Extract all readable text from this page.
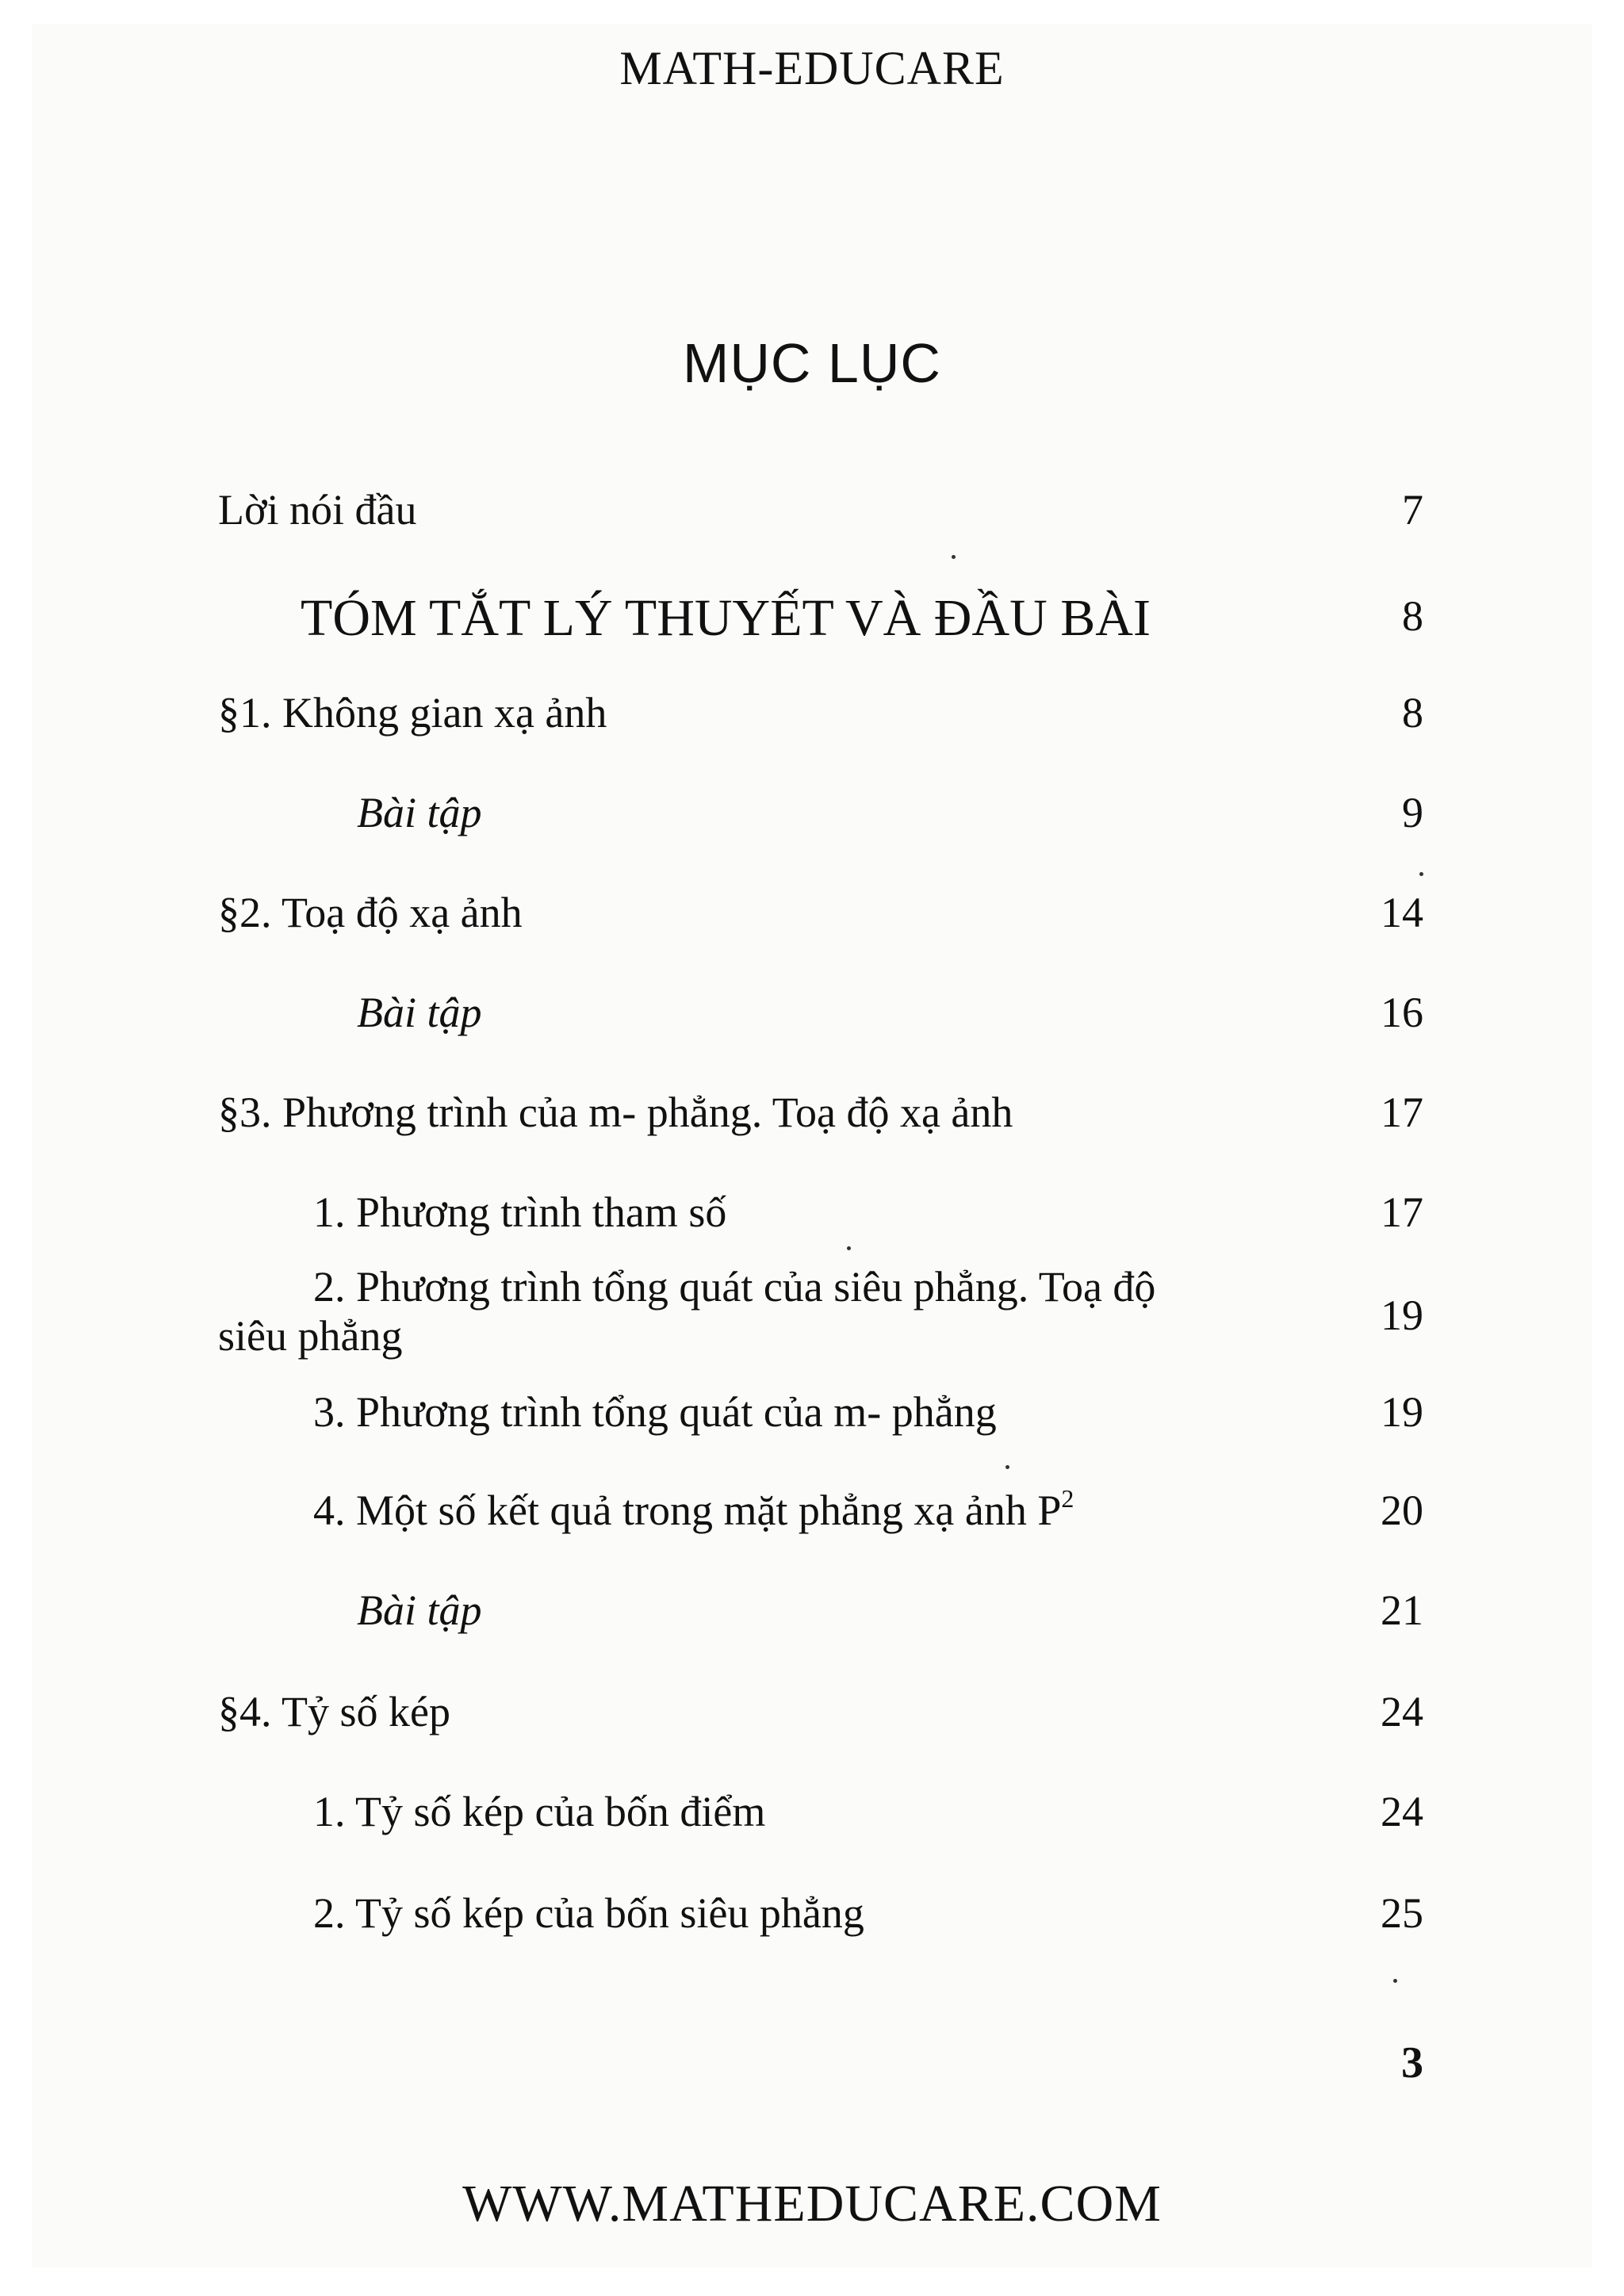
MATH-EDUCARE
MỤC LỤC
Lời nói đầu	7
TÓM TẮT LÝ THUYẾT VÀ ĐẦU BÀI	8
§1. Không gian xạ ảnh	8
Bài tập	9
§2. Toạ độ xạ ảnh	14
Bài tập	16
§3. Phương trình của m- phẳng. Toạ độ xạ ảnh	17
1. Phương trình tham số	17
2. Phương trình tổng quát của siêu phẳng. Toạ độ
siêu phẳng	19
3. Phương trình tổng quát của m- phẳng	19
4. Một số kết quả trong mặt phẳng xạ ảnh $P^2$	20
Bài tập	21
§4. Tỷ số kép	24
1. Tỷ số kép của bốn điểm	24
2. Tỷ số kép của bốn siêu phẳng	25
3
WWW.MATHEDUCARE.COM
